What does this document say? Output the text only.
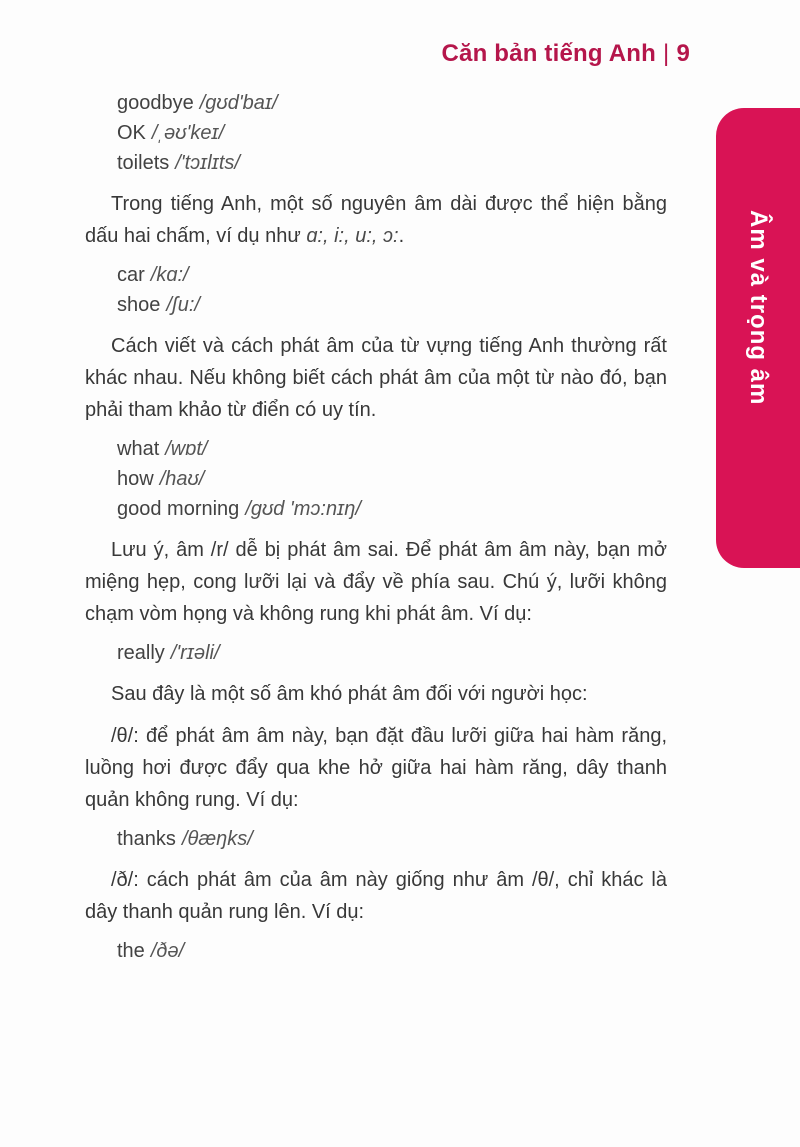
Căn bản tiếng Anh | 9
Âm và trọng âm
goodbye /gʊd'baɪ/
OK /ˌəʊ'keɪ/
toilets /'tɔɪlɪts/

Trong tiếng Anh, một số nguyên âm dài được thể hiện bằng dấu hai chấm, ví dụ như ɑ:, i:, u:, ɔ:.

car /kɑ:/
shoe /ʃu:/

Cách viết và cách phát âm của từ vựng tiếng Anh thường rất khác nhau. Nếu không biết cách phát âm của một từ nào đó, bạn phải tham khảo từ điển có uy tín.

what /wɒt/
how /haʊ/
good morning /gʊd 'mɔ:nɪŋ/

Lưu ý, âm /r/ dễ bị phát âm sai. Để phát âm âm này, bạn mở miệng hẹp, cong lưỡi lại và đẩy về phía sau. Chú ý, lưỡi không chạm vòm họng và không rung khi phát âm. Ví dụ:

really /'rɪəli/

Sau đây là một số âm khó phát âm đối với người học:

/θ/: để phát âm âm này, bạn đặt đầu lưỡi giữa hai hàm răng, luồng hơi được đẩy qua khe hở giữa hai hàm răng, dây thanh quản không rung. Ví dụ:

thanks /θæŋks/

/ð/: cách phát âm của âm này giống như âm /θ/, chỉ khác là dây thanh quản rung lên. Ví dụ:

the /ðə/
